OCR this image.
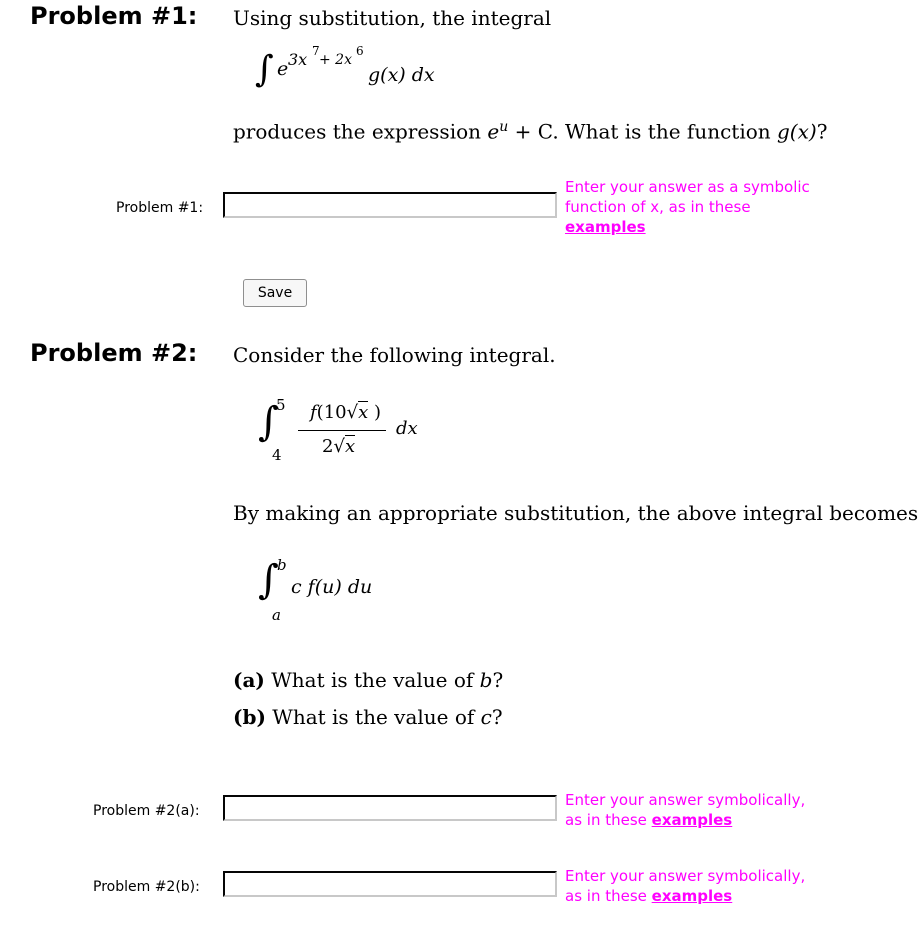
Problem #1: Using substitution, the integral
∫ e 3x 7
+ 2x
6
g(x) dx
produces the expression $e^u + C$. What is the function g(x)?
Problem #1:
Enter your answer as a symbolic
function of x, as in these
examples
Save
Problem #2: Consider the following integral.
∫
5
4
f(10√x )
2√x
dx
By making an appropriate substitution, the above integral becomes
∫
b
a
c f(u) du
(a) What is the value of b?
(b) What is the value of c?
Problem #2(a):
Enter your answer symbolically,
as in these examples
Problem #2(b):
Enter your answer symbolically,
as in these examples
